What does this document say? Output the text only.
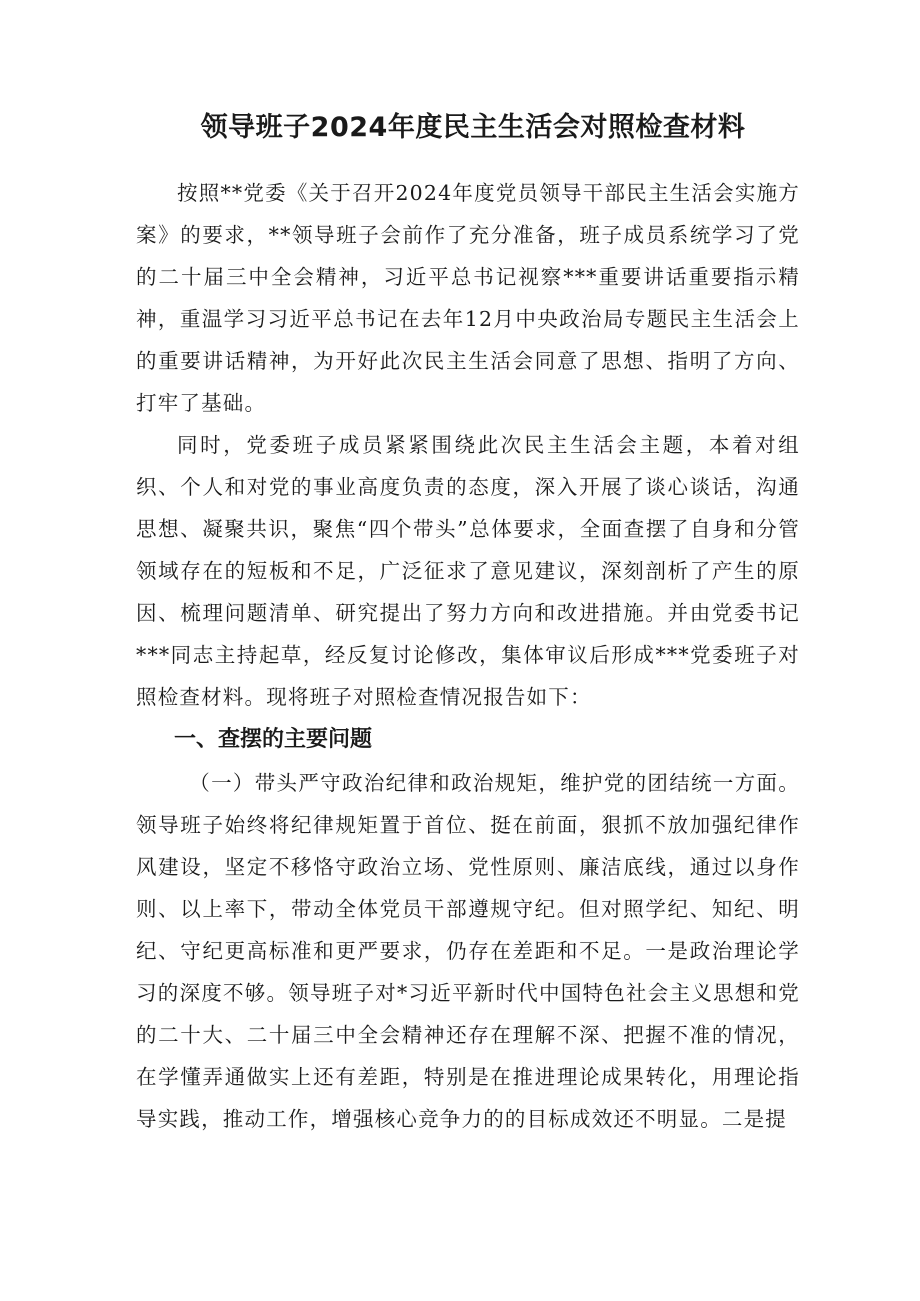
领导班子2024年度民主生活会对照检查材料

按照**党委《关于召开2024年度党员领导干部民主生活会实施方案》的要求，**领导班子会前作了充分准备，班子成员系统学习了党的二十届三中全会精神，习近平总书记视察***重要讲话重要指示精神，重温学习习近平总书记在去年12月中央政治局专题民主生活会上的重要讲话精神，为开好此次民主生活会同意了思想、指明了方向、打牢了基础。

同时，党委班子成员紧紧围绕此次民主生活会主题，本着对组织、个人和对党的事业高度负责的态度，深入开展了谈心谈话，沟通思想、凝聚共识，聚焦“四个带头”总体要求，全面查摆了自身和分管领域存在的短板和不足，广泛征求了意见建议，深刻剖析了产生的原因、梳理问题清单、研究提出了努力方向和改进措施。并由党委书记***同志主持起草，经反复讨论修改，集体审议后形成***党委班子对照检查材料。现将班子对照检查情况报告如下：

一、查摆的主要问题

（一）带头严守政治纪律和政治规矩，维护党的团结统一方面。领导班子始终将纪律规矩置于首位、挺在前面，狠抓不放加强纪律作风建设，坚定不移恪守政治立场、党性原则、廉洁底线，通过以身作则、以上率下，带动全体党员干部遵规守纪。但对照学纪、知纪、明纪、守纪更高标准和更严要求，仍存在差距和不足。一是政治理论学习的深度不够。领导班子对*习近平新时代中国特色社会主义思想和党的二十大、二十届三中全会精神还存在理解不深、把握不准的情况，在学懂弄通做实上还有差距，特别是在推进理论成果转化，用理论指导实践，推动工作，增强核心竞争力的的目标成效还不明显。二是提
